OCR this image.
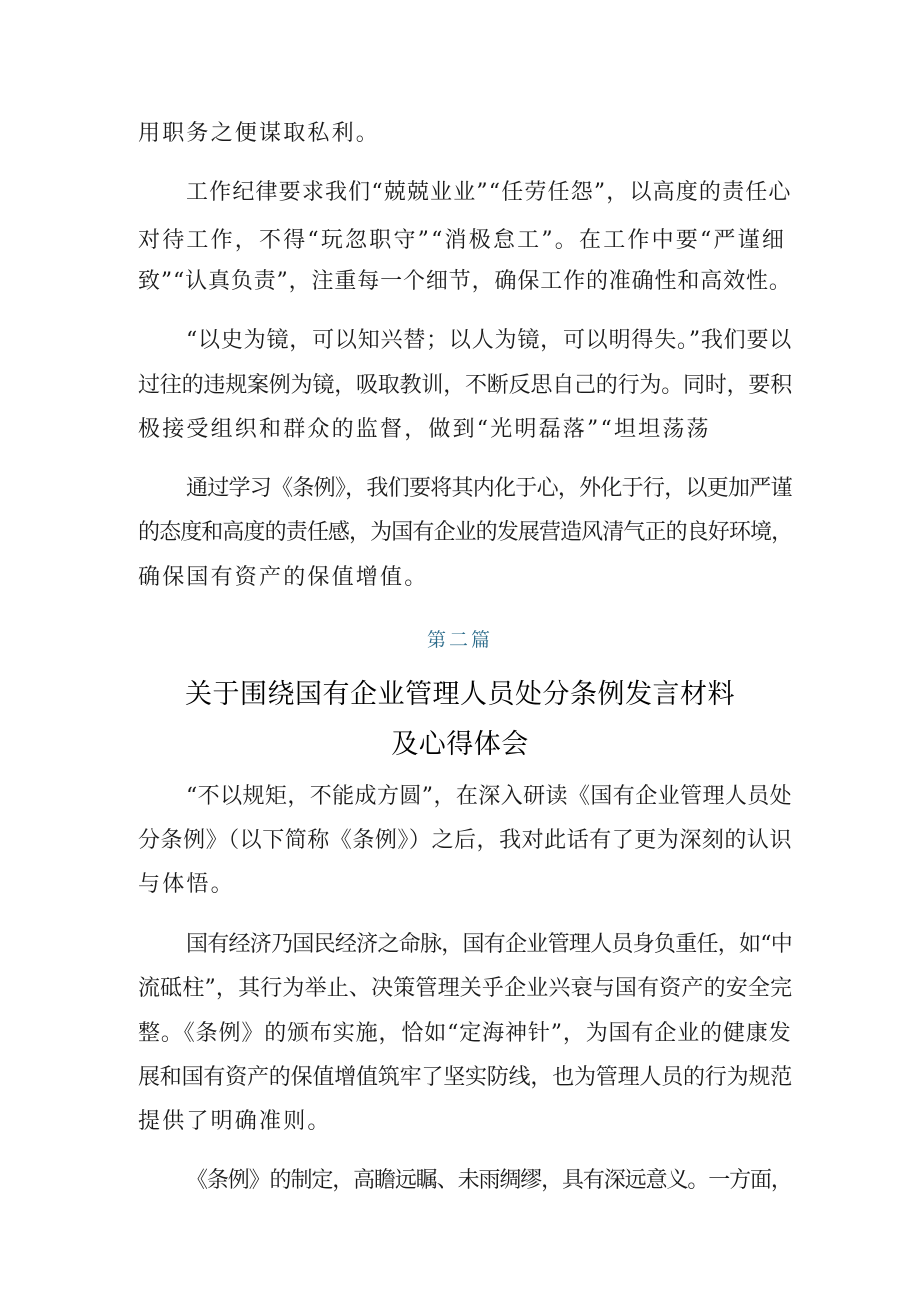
用职务之便谋取私利。
工作纪律要求我们“兢兢业业”“任劳任怨”，以高度的责任心
对待工作，不得“玩忽职守”“消极怠工”。在工作中要“严谨细
致”“认真负责”，注重每一个细节，确保工作的准确性和高效性。
“以史为镜，可以知兴替；以人为镜，可以明得失。”我们要以
过往的违规案例为镜，吸取教训，不断反思自己的行为。同时，要积
极接受组织和群众的监督，做到“光明磊落”“坦坦荡荡
通过学习《条例》，我们要将其内化于心，外化于行，以更加严谨
的态度和高度的责任感，为国有企业的发展营造风清气正的良好环境，
确保国有资产的保值增值。
第二篇
关于围绕国有企业管理人员处分条例发言材料
及心得体会
“不以规矩，不能成方圆”，在深入研读《国有企业管理人员处
分条例》（以下简称《条例》）之后，我对此话有了更为深刻的认识
与体悟。
国有经济乃国民经济之命脉，国有企业管理人员身负重任，如“中
流砥柱”，其行为举止、决策管理关乎企业兴衰与国有资产的安全完
整。《条例》的颁布实施，恰如“定海神针”，为国有企业的健康发
展和国有资产的保值增值筑牢了坚实防线，也为管理人员的行为规范
提供了明确准则。
《条例》的制定，高瞻远瞩、未雨绸缪，具有深远意义。一方面，
